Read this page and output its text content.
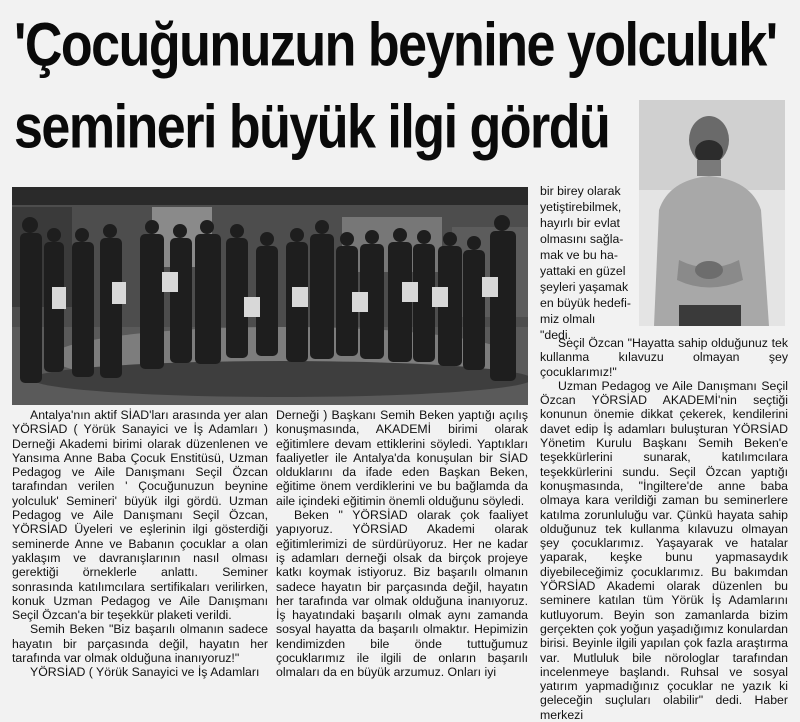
'Çocuğunuzun beynine yolculuk'
semineri büyük ilgi gördü
bir birey olarak
yetiştirebilmek,
hayırlı bir evlat
olmasını sağla-
mak ve bu ha-
yattaki en güzel
şeyleri yaşamak
en büyük hedefi-
miz olmalı
"dedi.

Antalya'nın aktif SİAD'ları arasında yer alan YÖRSİAD ( Yörük Sanayici ve İş Adamları ) Derneği Akademi birimi olarak düzenlenen ve Yansıma Anne Baba Çocuk Enstitüsü, Uzman Pedagog ve Aile Danışmanı Seçil Özcan tarafından verilen ' Çocuğunuzun beynine yolculuk' Semineri' büyük ilgi gördü. Uzman Pedagog ve Aile Danışmanı Seçil Özcan, YÖRSİAD Üyeleri ve eşlerinin ilgi gösterdiği seminerde Anne ve Babanın çocuklar a olan yaklaşım ve davranışlarının nasıl olması gerektiği örneklerle anlattı. Seminer sonrasında katılımcılara sertifikaları verilirken, konuk Uzman Pedagog ve Aile Danışmanı Seçil Özcan'a bir teşekkür plaketi verildi.

Semih Beken "Biz başarılı olmanın sadece hayatın bir parçasında değil, hayatın her tarafında var olmak olduğuna inanıyoruz!"

YÖRSİAD ( Yörük Sanayici ve İş Adamları

Derneği ) Başkanı Semih Beken yaptığı açılış konuşmasında, AKADEMİ birimi olarak eğitimlere devam ettiklerini söyledi. Yaptıkları faaliyetler ile Antalya'da konuşulan bir SİAD olduklarını da ifade eden Başkan Beken, eğitime önem verdiklerini ve bu bağlamda da aile içindeki eğitimin önemli olduğunu söyledi.

Beken " YÖRSİAD olarak çok faaliyet yapıyoruz. YÖRSİAD Akademi olarak eğitimlerimizi de sürdürüyoruz. Her ne kadar iş adamları derneği olsak da birçok projeye katkı koymak istiyoruz. Biz başarılı olmanın sadece hayatın bir parçasında değil, hayatın her tarafında var olmak olduğuna inanıyoruz. İş hayatındaki başarılı olmak aynı zamanda sosyal hayatta da başarılı olmaktır. Hepimizin kendimizden bile önde tuttuğumuz çocuklarımız ile ilgili de onların başarılı olmaları da en büyük arzumuz. Onları iyi

Seçil Özcan "Hayatta sahip olduğunuz tek kullanma kılavuzu olmayan şey çocuklarımız!"

Uzman Pedagog ve Aile Danışmanı Seçil Özcan YÖRSİAD AKADEMİ'nin seçtiği konunun önemie dikkat çekerek, kendilerini davet edip İş adamları buluşturan YÖRSİAD Yönetim Kurulu Başkanı Semih Beken'e teşekkürlerini sunarak, katılımcılara teşekkürlerini sundu. Seçil Özcan yaptığı konuşmasında, "İngiltere'de anne baba olmaya kara verildiği zaman bu seminerlere katılma zorunluluğu var. Çünkü hayata sahip olduğunuz tek kullanma kılavuzu olmayan şey çocuklarımız. Yaşayarak ve hatalar yaparak, keşke bunu yapmasaydık diyebileceğimiz çocuklarımız. Bu bakımdan YÖRSİAD Akademi olarak düzenlen bu seminere katılan tüm Yörük İş Adamlarını kutluyorum. Beyin son zamanlarda bizim gerçekten çok yoğun yaşadığımız konulardan birisi. Beyinle ilgili yapılan çok fazla araştırma var. Mutluluk bile nörologlar tarafından incelenmeye başlandı. Ruhsal ve sosyal yatırım yapmadığınız çocuklar ne yazık ki geleceğin suçluları olabilir" dedi. Haber merkezi
